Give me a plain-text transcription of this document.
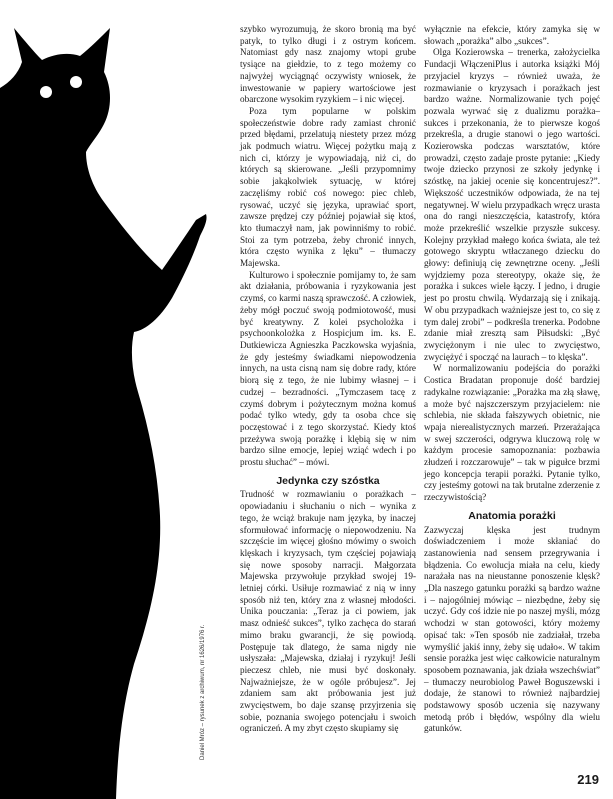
Daniel Mróz – rysunek z archiwum, nr 1626/1976 r.

szybko wyrozumują, że skoro bronią ma być patyk, to tylko długi i z ostrym końcem. Natomiast gdy nasz znajomy wtopi grube tysiące na giełdzie, to z tego możemy co najwyżej wyciągnąć oczywisty wniosek, że inwestowanie w papiery wartościowe jest obarczone wysokim ryzykiem – i nic więcej.

Poza tym popularne w polskim społeczeństwie dobre rady zamiast chronić przed błędami, przelatują niestety przez mózg jak podmuch wiatru. Więcej pożytku mają z nich ci, którzy je wypowiadają, niż ci, do których są skierowane. „Jeśli przypomnimy sobie jakąkolwiek sytuację, w której zaczęliśmy robić coś nowego: piec chleb, rysować, uczyć się języka, uprawiać sport, zawsze prędzej czy później pojawiał się ktoś, kto tłumaczył nam, jak powinniśmy to robić. Stoi za tym potrzeba, żeby chronić innych, która często wynika z lęku” – tłumaczy Majewska.

Kulturowo i społecznie pomijamy to, że sam akt działania, próbowania i ryzykowania jest czymś, co karmi naszą sprawczość. A człowiek, żeby mógł poczuć swoją podmiotowość, musi być kreatywny. Z kolei psycholożka i psychoonkolożka z Hospicjum im. ks. E. Dutkiewicza Agnieszka Paczkowska wyjaśnia, że gdy jesteśmy świadkami niepowodzenia innych, na usta cisną nam się dobre rady, które biorą się z tego, że nie lubimy własnej – i cudzej – bezradności. „Tymczasem tacę z czymś dobrym i pożytecznym można komuś podać tylko wtedy, gdy ta osoba chce się poczęstować i z tego skorzystać. Kiedy ktoś przeżywa swoją porażkę i klębią się w nim bardzo silne emocje, lepiej wziąć wdech i po prostu słuchać” – mówi.

Jedynka czy szóstka

Trudność w rozmawianiu o porażkach – opowiadaniu i słuchaniu o nich – wynika z tego, że wciąż brakuje nam języka, by inaczej sformułować informację o niepowodzeniu. Na szczęście im więcej głośno mówimy o swoich klęskach i kryzysach, tym częściej pojawiają się nowe sposoby narracji. Małgorzata Majewska przywołuje przykład swojej 19-letniej córki. Usiłuje rozmawiać z nią w inny sposób niż ten, który zna z własnej młodości. Unika pouczania: „Teraz ja ci powiem, jak masz odnieść sukces”, tylko zachęca do starań mimo braku gwarancji, że się powiodą. Postępuje tak dlatego, że sama nigdy nie usłyszała: „Majewska, działaj i ryzykuj! Jeśli pieczesz chleb, nie musi być doskonały. Najważniejsze, że w ogóle próbujesz”. Jej zdaniem sam akt próbowania jest już zwycięstwem, bo daje szansę przyjrzenia się sobie, poznania swojego potencjału i swoich ograniczeń. A my zbyt często skupiamy się

wyłącznie na efekcie, który zamyka się w słowach „porażka” albo „sukces”.

Olga Kozierowska – trenerka, założycielka Fundacji WłączeniPlus i autorka książki Mój przyjaciel kryzys – również uważa, że rozmawianie o kryzysach i porażkach jest bardzo ważne. Normalizowanie tych pojęć pozwala wyrwać się z dualizmu porażka–sukces i przekonania, że to pierwsze kogoś przekreśla, a drugie stanowi o jego wartości. Kozierowska podczas warsztatów, które prowadzi, często zadaje proste pytanie: „Kiedy twoje dziecko przynosi ze szkoły jedynkę i szóstkę, na jakiej ocenie się koncentrujesz?”. Większość uczestników odpowiada, że na tej negatywnej. W wielu przypadkach wręcz urasta ona do rangi nieszczęścia, katastrofy, która może przekreślić wszelkie przyszłe sukcesy. Kolejny przykład małego końca świata, ale też gotowego skryptu wtłaczanego dziecku do głowy: definiują cię zewnętrzne oceny. „Jeśli wyjdziemy poza stereotypy, okaże się, że porażka i sukces wiele łączy. I jedno, i drugie jest po prostu chwilą. Wydarzają się i znikają. W obu przypadkach ważniejsze jest to, co się z tym dalej zrobi” – podkreśla trenerka. Podobne zdanie miał zresztą sam Piłsudski: „Być zwyciężonym i nie ulec to zwycięstwo, zwyciężyć i spocząć na laurach – to klęska”.

W normalizowaniu podejścia do porażki Costica Bradatan proponuje dość bardziej radykalne rozwiązanie: „Porażka ma złą sławę, a może być najszczerszym przyjacielem: nie schlebia, nie składa fałszywych obietnic, nie wpaja nierealistycznych marzeń. Przerażająca w swej szczerości, odgrywa kluczową rolę w każdym procesie samopoznania: pozbawia złudzeń i rozczarowuje” – tak w pigułce brzmi jego koncepcja terapii porażki. Pytanie tylko, czy jesteśmy gotowi na tak brutalne zderzenie z rzeczywistością?

Anatomia porażki

Zazwyczaj klęska jest trudnym doświadczeniem i może skłaniać do zastanowienia nad sensem przegrywania i błądzenia. Co ewolucja miała na celu, kiedy narażała nas na nieustanne ponoszenie klęsk? „Dla naszego gatunku porażki są bardzo ważne i – najogólniej mówiąc – niezbędne, żeby się uczyć. Gdy coś idzie nie po naszej myśli, mózg wchodzi w stan gotowości, który możemy opisać tak: »Ten sposób nie zadziałał, trzeba wymyślić jakiś inny, żeby się udało«. W takim sensie porażka jest więc całkowicie naturalnym sposobem poznawania, jak działa wszechświat” – tłumaczy neurobiolog Paweł Boguszewski i dodaje, że stanowi to również najbardziej podstawowy sposób uczenia się nazywany metodą prób i błędów, wspólny dla wielu gatunków.

219
